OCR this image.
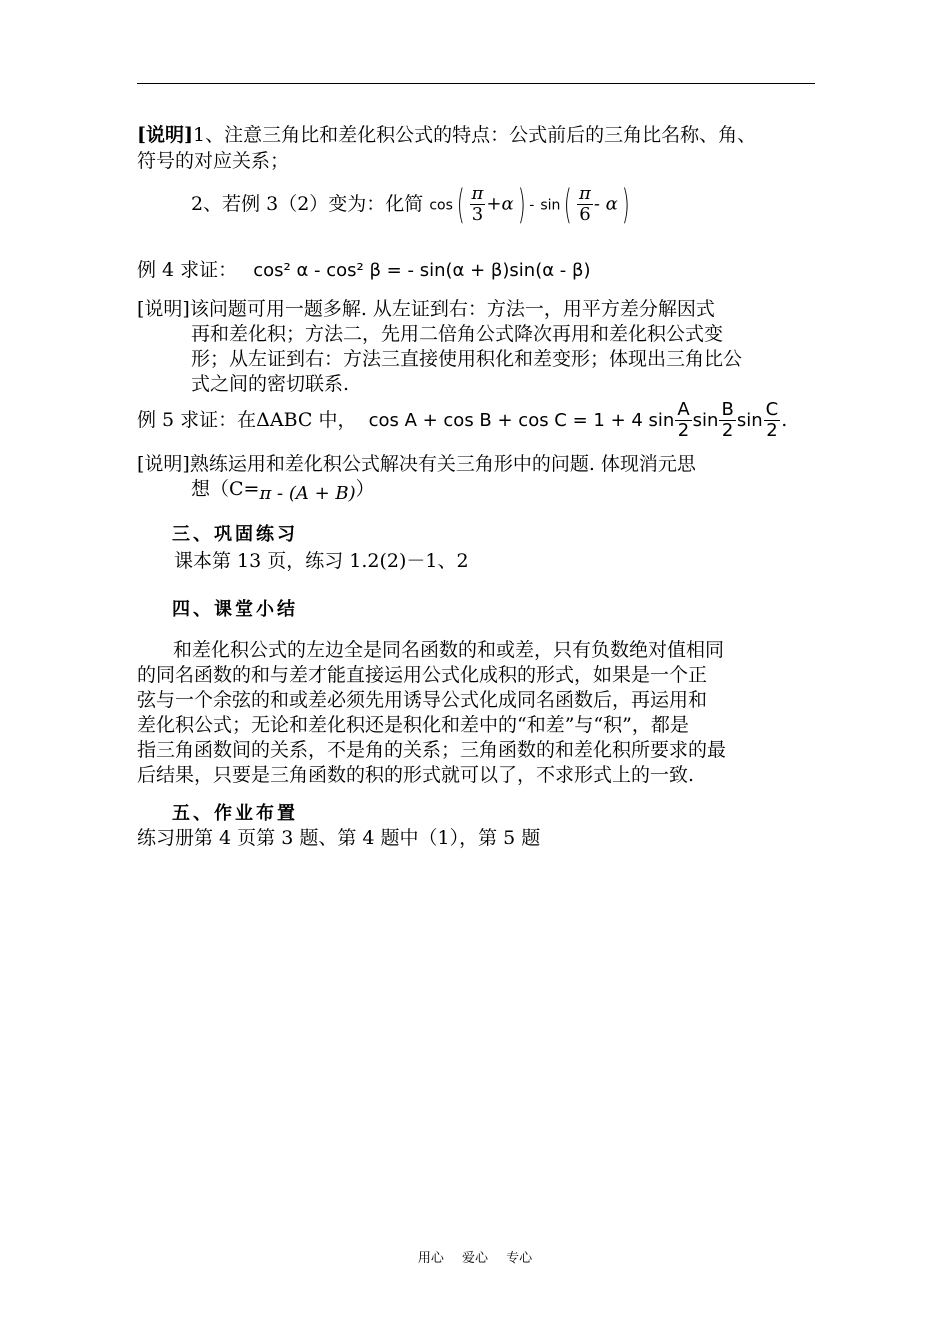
[说明]1、注意三角比和差化积公式的特点：公式前后的三角比名称、角、
符号的对应关系；
2、若例 3（2）变为：化简 $\cos( \frac{\pi}{3} +\alpha) - \sin( \frac{\pi}{6} - \alpha)$
例 4 求证： cos² α - cos² β = - sin(α + β)sin(α - β)
[说明]该问题可用一题多解. 从左证到右：方法一，用平方差分解因式
再和差化积；方法二，先用二倍角公式降次再用和差化积公式变
形；从左证到右：方法三直接使用积化和差变形；体现出三角比公
式之间的密切联系.
例 5 求证：在ΔABC 中， cos A + cos B + cos C = 1 + 4 $\sin \frac{A}{2}$ $\sin \frac{B}{2}$ $\sin \frac{C}{2}$ .
[说明]熟练运用和差化积公式解决有关三角形中的问题. 体现消元思
想（C=π - (A + B)）
三、巩固练习
课本第 13 页，练习 1.2(2)－1、2
四、课堂小结
和差化积公式的左边全是同名函数的和或差，只有负数绝对值相同
的同名函数的和与差才能直接运用公式化成积的形式，如果是一个正
弦与一个余弦的和或差必须先用诱导公式化成同名函数后，再运用和
差化积公式；无论和差化积还是积化和差中的“和差”与“积”，都是
指三角函数间的关系，不是角的关系；三角函数的和差化积所要求的最
后结果，只要是三角函数的积的形式就可以了，不求形式上的一致.
五、作业布置
练习册第 4 页第 3 题、第 4 题中（1），第 5 题
用心 爱心 专心
